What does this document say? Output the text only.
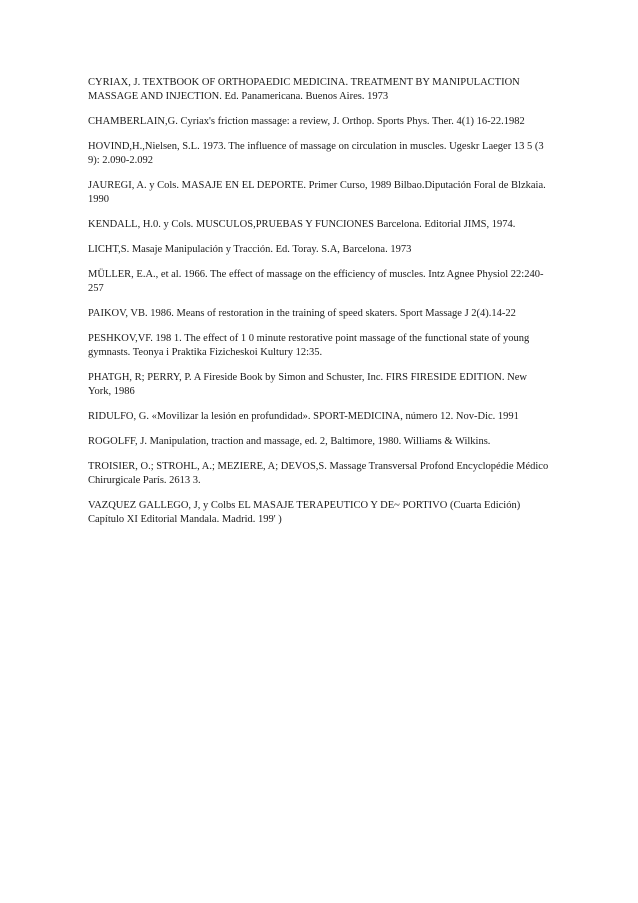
CYRIAX, J. TEXTBOOK OF ORTHOPAEDIC MEDICINA. TREATMENT BY MANIPULACTION MASSAGE AND INJECTION. Ed. Panamericana. Buenos Aires. 1973
CHAMBERLAIN,G. Cyriax's friction massage: a review, J. Orthop. Sports Phys. Ther. 4(1) 16-22.1982
HOVIND,H.,Nielsen, S.L. 1973. The influence of massage on circulation in muscles. Ugeskr Laeger 13 5 (3 9): 2.090-2.092
JAUREGI, A. y Cols. MASAJE EN EL DEPORTE. Primer Curso, 1989 Bilbao.Diputación Foral de Blzkaia. 1990
KENDALL, H.0. y Cols. MUSCULOS,PRUEBAS Y FUNCIONES Barcelona. Editorial JIMS, 1974.
LICHT,S. Masaje Manipulación y Tracción. Ed. Toray. S.A, Barcelona. 1973
MÜLLER, E.A., et al. 1966. The effect of massage on the efficiency of muscles. Intz Agnee Physiol 22:240-257
PAIKOV, VB. 1986. Means of restoration in the training of speed skaters. Sport Massage J 2(4).14-22
PESHKOV,VF. 198 1. The effect of 1 0 minute restorative point massage of the functional state of young gymnasts. Teonya i Praktika Fizicheskoi Kultury 12:35.
PHATGH, R; PERRY, P. A Fireside Book by Simon and Schuster, Inc. FIRS FIRESIDE EDITION. New York, 1986
RIDULFO, G. «Movilizar la lesión en profundidad». SPORT-MEDICINA, número 12. Nov-Dic. 1991
ROGOLFF, J. Manipulation, traction and massage, ed. 2, Baltimore, 1980. Williams & Wilkins.
TROISIER, O.; STROHL, A.; MEZIERE, A; DEVOS,S. Massage Transversal Profond Encyclopédie Médico Chirurgicale París. 2613 3.
VAZQUEZ GALLEGO, J, y Colbs EL MASAJE TERAPEUTICO Y DE~ PORTIVO (Cuarta Edición) Capítulo XI Editorial Mandala. Madrid. 199' )
